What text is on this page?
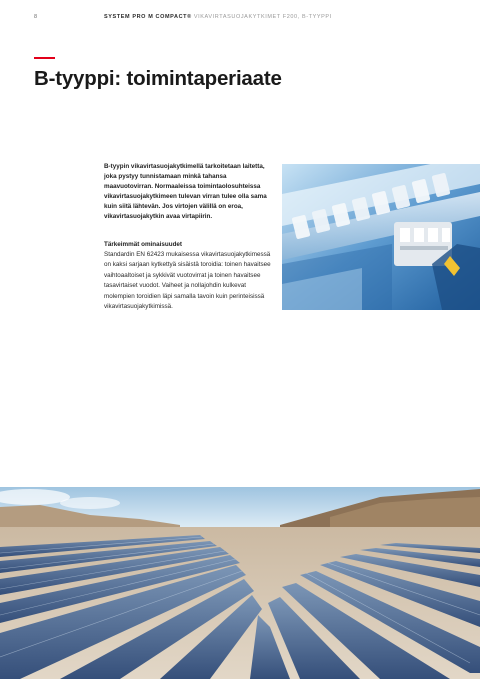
8	SYSTEM PRO M COMPACT® VIKAVIRTASUOJAKYTKIMET F200, B-TYYPPI
B-tyyppi: toimintaperiaate

B-tyypin vikavirtasuojakytkimellä tarkoitetaan laitetta, joka pystyy tunnistamaan minkä tahansa maavuotovirran. Normaaleissa toimintaolosuhteissa vikavirtasuojakytkimeen tulevan virran tulee olla sama kuin siitä lähtevän. Jos virtojen välillä on eroa, vikavirtasuojakytkin avaa virtapiirin.

Tärkeimmät ominaisuudet

Standardin EN 62423 mukaisessa vikavirtasuojakytkimessä on kaksi sarjaan kytkettyä sisäistä toroidia: toinen havaitsee vaihtoaaltoiset ja sykkivät vuotovirrat ja toinen havaitsee tasavirtaiset vuodot. Vaiheet ja nollajohdin kulkevat molempien toroidien läpi samalla tavoin kuin perinteisissä vikavirtasuojakytkimissä.
